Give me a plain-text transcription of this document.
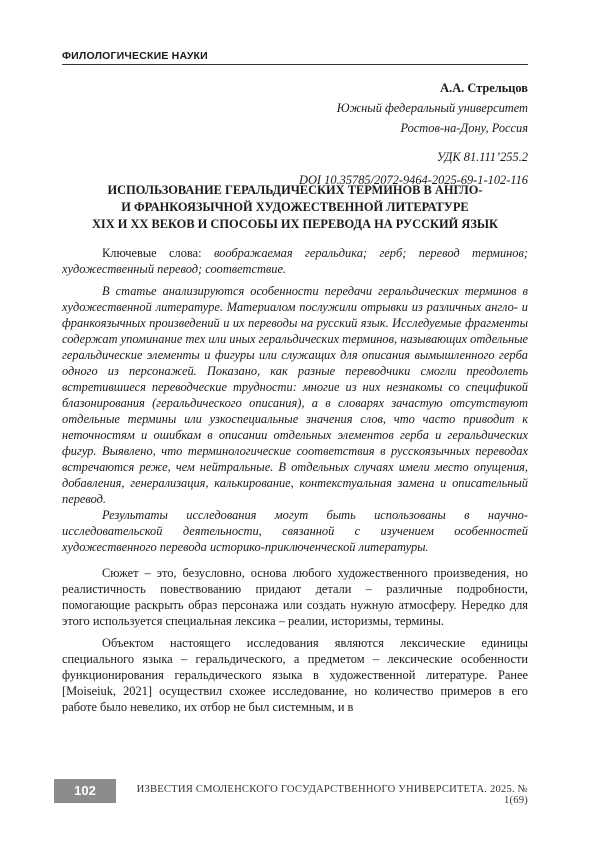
ФИЛОЛОГИЧЕСКИЕ НАУКИ
А.А. Стрельцов
Южный федеральный университет
Ростов-на-Дону, Россия
УДК 81.111’255.2
DOI 10.35785/2072-9464-2025-69-1-102-116
ИСПОЛЬЗОВАНИЕ ГЕРАЛЬДИЧЕСКИХ ТЕРМИНОВ В АНГЛО-
И ФРАНКОЯЗЫЧНОЙ ХУДОЖЕСТВЕННОЙ ЛИТЕРАТУРЕ
XIX И XX ВЕКОВ И СПОСОБЫ ИХ ПЕРЕВОДА НА РУССКИЙ ЯЗЫК

Ключевые слова: воображаемая геральдика; герб; перевод терминов; художественный перевод; соответствие.

В статье анализируются особенности передачи геральдических терминов в художественной литературе. Материалом послужили отрывки из различных англо- и франкоязычных произведений и их переводы на русский язык. Исследуемые фрагменты содержат упоминание тех или иных геральдических терминов, называющих отдельные геральдические элементы и фигуры или служащих для описания вымышленного герба одного из персонажей. Показано, как разные переводчики смогли преодолеть встретившиеся переводческие трудности: многие из них незнакомы со спецификой блазонирования (геральдического описания), а в словарях зачастую отсутствуют отдельные термины или узкоспециальные значения слов, что часто приводит к неточностям и ошибкам в описании отдельных элементов герба и геральдических фигур. Выявлено, что терминологические соответствия в русскоязычных переводах встречаются реже, чем нейтральные. В отдельных случаях имели место опущения, добавления, генерализация, калькирование, контекстуальная замена и описательный перевод.

Результаты исследования могут быть использованы в научно-исследовательской деятельности, связанной с изучением особенностей художественного перевода историко-приключенческой литературы.

Сюжет – это, безусловно, основа любого художественного произведения, но реалистичность повествованию придают детали – различные подробности, помогающие раскрыть образ персонажа или создать нужную атмосферу. Нередко для этого используется специальная лексика – реалии, историзмы, термины.

Объектом настоящего исследования являются лексические единицы специального языка – геральдического, а предметом – лексические особенности функционирования геральдического языка в художественной литературе. Ранее [Moiseiuk, 2021] осуществил схожее исследование, но количество примеров в его работе было невелико, их отбор не был системным, и в

102	ИЗВЕСТИЯ СМОЛЕНСКОГО ГОСУДАРСТВЕННОГО УНИВЕРСИТЕТА. 2025. № 1(69)
